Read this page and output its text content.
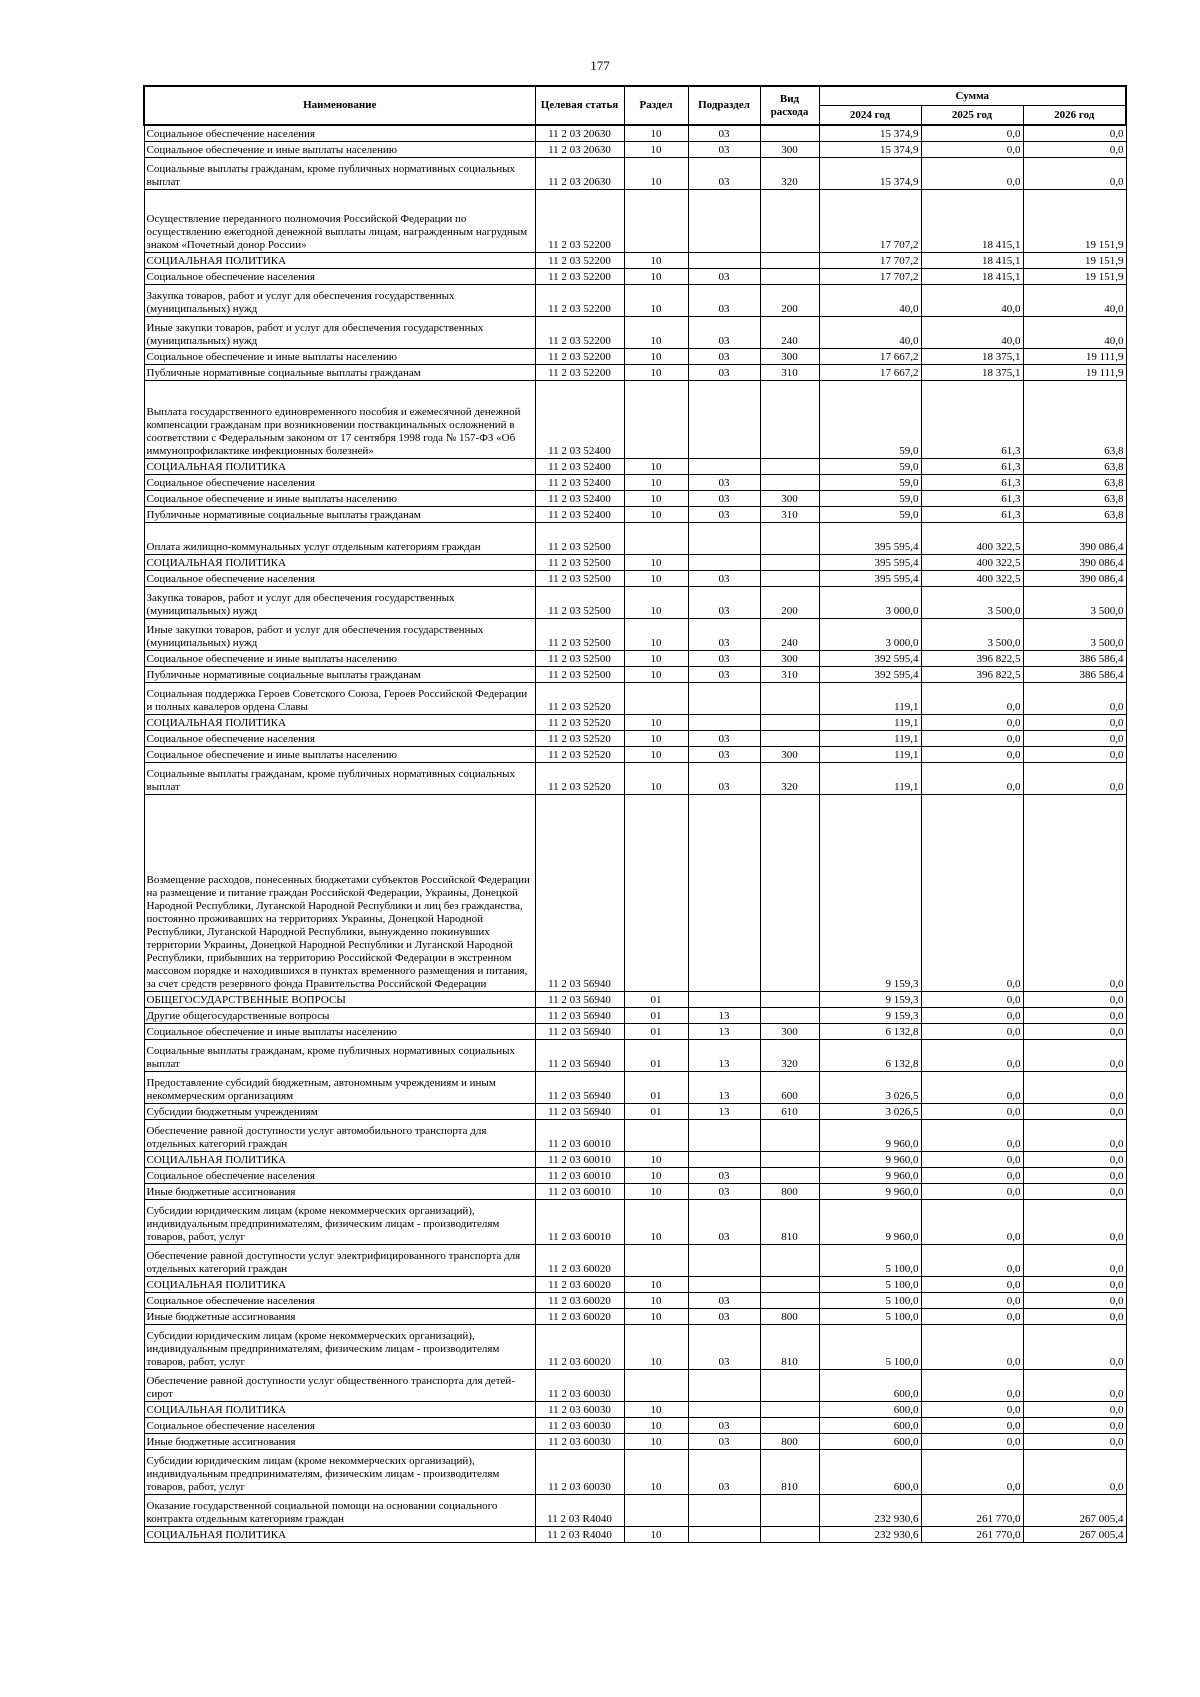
177
Наименование	Целевая статья	Раздел	Подраздел	Вид расхода	Сумма		
					2024 год	2025 год	2026 год
Социальное обеспечение населения	11 2 03 20630	10	03		15 374,9	0,0	0,0
Социальное обеспечение и иные выплаты населению	11 2 03 20630	10	03	300	15 374,9	0,0	0,0
Социальные выплаты гражданам, кроме публичных нормативных социальных выплат	11 2 03 20630	10	03	320	15 374,9	0,0	0,0
Осуществление переданного полномочия Российской Федерации по осуществлению ежегодной денежной выплаты лицам, награжденным нагрудным знаком «Почетный донор России»	11 2 03 52200				17 707,2	18 415,1	19 151,9
СОЦИАЛЬНАЯ ПОЛИТИКА	11 2 03 52200	10			17 707,2	18 415,1	19 151,9
Социальное обеспечение населения	11 2 03 52200	10	03		17 707,2	18 415,1	19 151,9
Закупка товаров, работ и услуг для обеспечения государственных (муниципальных) нужд	11 2 03 52200	10	03	200	40,0	40,0	40,0
Иные закупки товаров, работ и услуг для обеспечения государственных (муниципальных) нужд	11 2 03 52200	10	03	240	40,0	40,0	40,0
Социальное обеспечение и иные выплаты населению	11 2 03 52200	10	03	300	17 667,2	18 375,1	19 111,9
Публичные нормативные социальные выплаты гражданам	11 2 03 52200	10	03	310	17 667,2	18 375,1	19 111,9
Выплата государственного единовременного пособия и ежемесячной денежной компенсации гражданам при возникновении поствакцинальных осложнений в соответствии с Федеральным законом от 17 сентября 1998 года № 157-ФЗ «Об иммунопрофилактике инфекционных болезней»	11 2 03 52400				59,0	61,3	63,8
СОЦИАЛЬНАЯ ПОЛИТИКА	11 2 03 52400	10			59,0	61,3	63,8
Социальное обеспечение населения	11 2 03 52400	10	03		59,0	61,3	63,8
Социальное обеспечение и иные выплаты населению	11 2 03 52400	10	03	300	59,0	61,3	63,8
Публичные нормативные социальные выплаты гражданам	11 2 03 52400	10	03	310	59,0	61,3	63,8
Оплата жилищно-коммунальных услуг отдельным категориям граждан	11 2 03 52500				395 595,4	400 322,5	390 086,4
СОЦИАЛЬНАЯ ПОЛИТИКА	11 2 03 52500	10			395 595,4	400 322,5	390 086,4
Социальное обеспечение населения	11 2 03 52500	10	03		395 595,4	400 322,5	390 086,4
Закупка товаров, работ и услуг для обеспечения государственных (муниципальных) нужд	11 2 03 52500	10	03	200	3 000,0	3 500,0	3 500,0
Иные закупки товаров, работ и услуг для обеспечения государственных (муниципальных) нужд	11 2 03 52500	10	03	240	3 000,0	3 500,0	3 500,0
Социальное обеспечение и иные выплаты населению	11 2 03 52500	10	03	300	392 595,4	396 822,5	386 586,4
Публичные нормативные социальные выплаты гражданам	11 2 03 52500	10	03	310	392 595,4	396 822,5	386 586,4
Социальная поддержка Героев Советского Союза, Героев Российской Федерации и полных кавалеров ордена Славы	11 2 03 52520				119,1	0,0	0,0
СОЦИАЛЬНАЯ ПОЛИТИКА	11 2 03 52520	10			119,1	0,0	0,0
Социальное обеспечение населения	11 2 03 52520	10	03		119,1	0,0	0,0
Социальное обеспечение и иные выплаты населению	11 2 03 52520	10	03	300	119,1	0,0	0,0
Социальные выплаты гражданам, кроме публичных нормативных социальных выплат	11 2 03 52520	10	03	320	119,1	0,0	0,0
Возмещение расходов, понесенных бюджетами субъектов Российской Федерации на размещение и питание граждан Российской Федерации, Украины, Донецкой Народной Республики, Луганской Народной Республики и лиц без гражданства, постоянно проживавших на территориях Украины, Донецкой Народной Республики, Луганской Народной Республики, вынужденно покинувших территории Украины, Донецкой Народной Республики и Луганской Народной Республики, прибывших на территорию Российской Федерации в экстренном массовом порядке и находившихся в пунктах временного размещения и питания, за счет средств резервного фонда Правительства Российской Федерации	11 2 03 56940				9 159,3	0,0	0,0
ОБЩЕГОСУДАРСТВЕННЫЕ ВОПРОСЫ	11 2 03 56940	01			9 159,3	0,0	0,0
Другие общегосударственные вопросы	11 2 03 56940	01	13		9 159,3	0,0	0,0
Социальное обеспечение и иные выплаты населению	11 2 03 56940	01	13	300	6 132,8	0,0	0,0
Социальные выплаты гражданам, кроме публичных нормативных социальных выплат	11 2 03 56940	01	13	320	6 132,8	0,0	0,0
Предоставление субсидий бюджетным, автономным учреждениям и иным некоммерческим организациям	11 2 03 56940	01	13	600	3 026,5	0,0	0,0
Субсидии бюджетным учреждениям	11 2 03 56940	01	13	610	3 026,5	0,0	0,0
Обеспечение равной доступности услуг автомобильного транспорта для отдельных категорий граждан	11 2 03 60010				9 960,0	0,0	0,0
СОЦИАЛЬНАЯ ПОЛИТИКА	11 2 03 60010	10			9 960,0	0,0	0,0
Социальное обеспечение населения	11 2 03 60010	10	03		9 960,0	0,0	0,0
Иные бюджетные ассигнования	11 2 03 60010	10	03	800	9 960,0	0,0	0,0
Субсидии юридическим лицам (кроме некоммерческих организаций), индивидуальным предпринимателям, физическим лицам - производителям товаров, работ, услуг	11 2 03 60010	10	03	810	9 960,0	0,0	0,0
Обеспечение равной доступности услуг электрифицированного транспорта для отдельных категорий граждан	11 2 03 60020				5 100,0	0,0	0,0
СОЦИАЛЬНАЯ ПОЛИТИКА	11 2 03 60020	10			5 100,0	0,0	0,0
Социальное обеспечение населения	11 2 03 60020	10	03		5 100,0	0,0	0,0
Иные бюджетные ассигнования	11 2 03 60020	10	03	800	5 100,0	0,0	0,0
Субсидии юридическим лицам (кроме некоммерческих организаций), индивидуальным предпринимателям, физическим лицам - производителям товаров, работ, услуг	11 2 03 60020	10	03	810	5 100,0	0,0	0,0
Обеспечение равной доступности услуг общественного транспорта для детей-сирот	11 2 03 60030				600,0	0,0	0,0
СОЦИАЛЬНАЯ ПОЛИТИКА	11 2 03 60030	10			600,0	0,0	0,0
Социальное обеспечение населения	11 2 03 60030	10	03		600,0	0,0	0,0
Иные бюджетные ассигнования	11 2 03 60030	10	03	800	600,0	0,0	0,0
Субсидии юридическим лицам (кроме некоммерческих организаций), индивидуальным предпринимателям, физическим лицам - производителям товаров, работ, услуг	11 2 03 60030	10	03	810	600,0	0,0	0,0
Оказание государственной социальной помощи на основании социального контракта отдельным категориям граждан	11 2 03 R4040				232 930,6	261 770,0	267 005,4
СОЦИАЛЬНАЯ ПОЛИТИКА	11 2 03 R4040	10			232 930,6	261 770,0	267 005,4
